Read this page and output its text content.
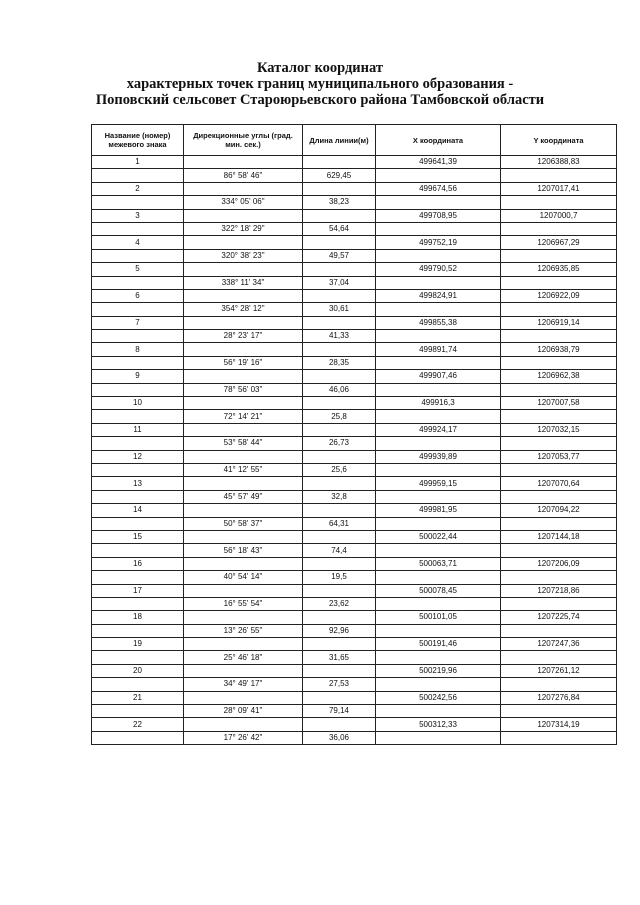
Каталог координат
характерных точек границ муниципального образования -
Поповский сельсовет Староюрьевского района Тамбовской области
Название (номер) межевого знака	Дирекционные углы (град. мин. сек.)	Длина линии(м)	X координата	Y координата
1			499641,39	1206388,83
	86° 58' 46"	629,45		
2			499674,56	1207017,41
	334° 05' 06"	38,23		
3			499708,95	1207000,7
	322° 18' 29"	54,64		
4			499752,19	1206967,29
	320° 38' 23"	49,57		
5			499790,52	1206935,85
	338° 11' 34"	37,04		
6			499824,91	1206922,09
	354° 28' 12"	30,61		
7			499855,38	1206919,14
	28° 23' 17"	41,33		
8			499891,74	1206938,79
	56° 19' 16"	28,35		
9			499907,46	1206962,38
	78° 56' 03"	46,06		
10			499916,3	1207007,58
	72° 14' 21"	25,8		
11			499924,17	1207032,15
	53° 58' 44"	26,73		
12			499939,89	1207053,77
	41° 12' 55"	25,6		
13			499959,15	1207070,64
	45° 57' 49"	32,8		
14			499981,95	1207094,22
	50° 58' 37"	64,31		
15			500022,44	1207144,18
	56° 18' 43"	74,4		
16			500063,71	1207206,09
	40° 54' 14"	19,5		
17			500078,45	1207218,86
	16° 55' 54"	23,62		
18			500101,05	1207225,74
	13° 26' 55"	92,96		
19			500191,46	1207247,36
	25° 46' 18"	31,65		
20			500219,96	1207261,12
	34° 49' 17"	27,53		
21			500242,56	1207276,84
	28° 09' 41"	79,14		
22			500312,33	1207314,19
	17° 26' 42"	36,06		
